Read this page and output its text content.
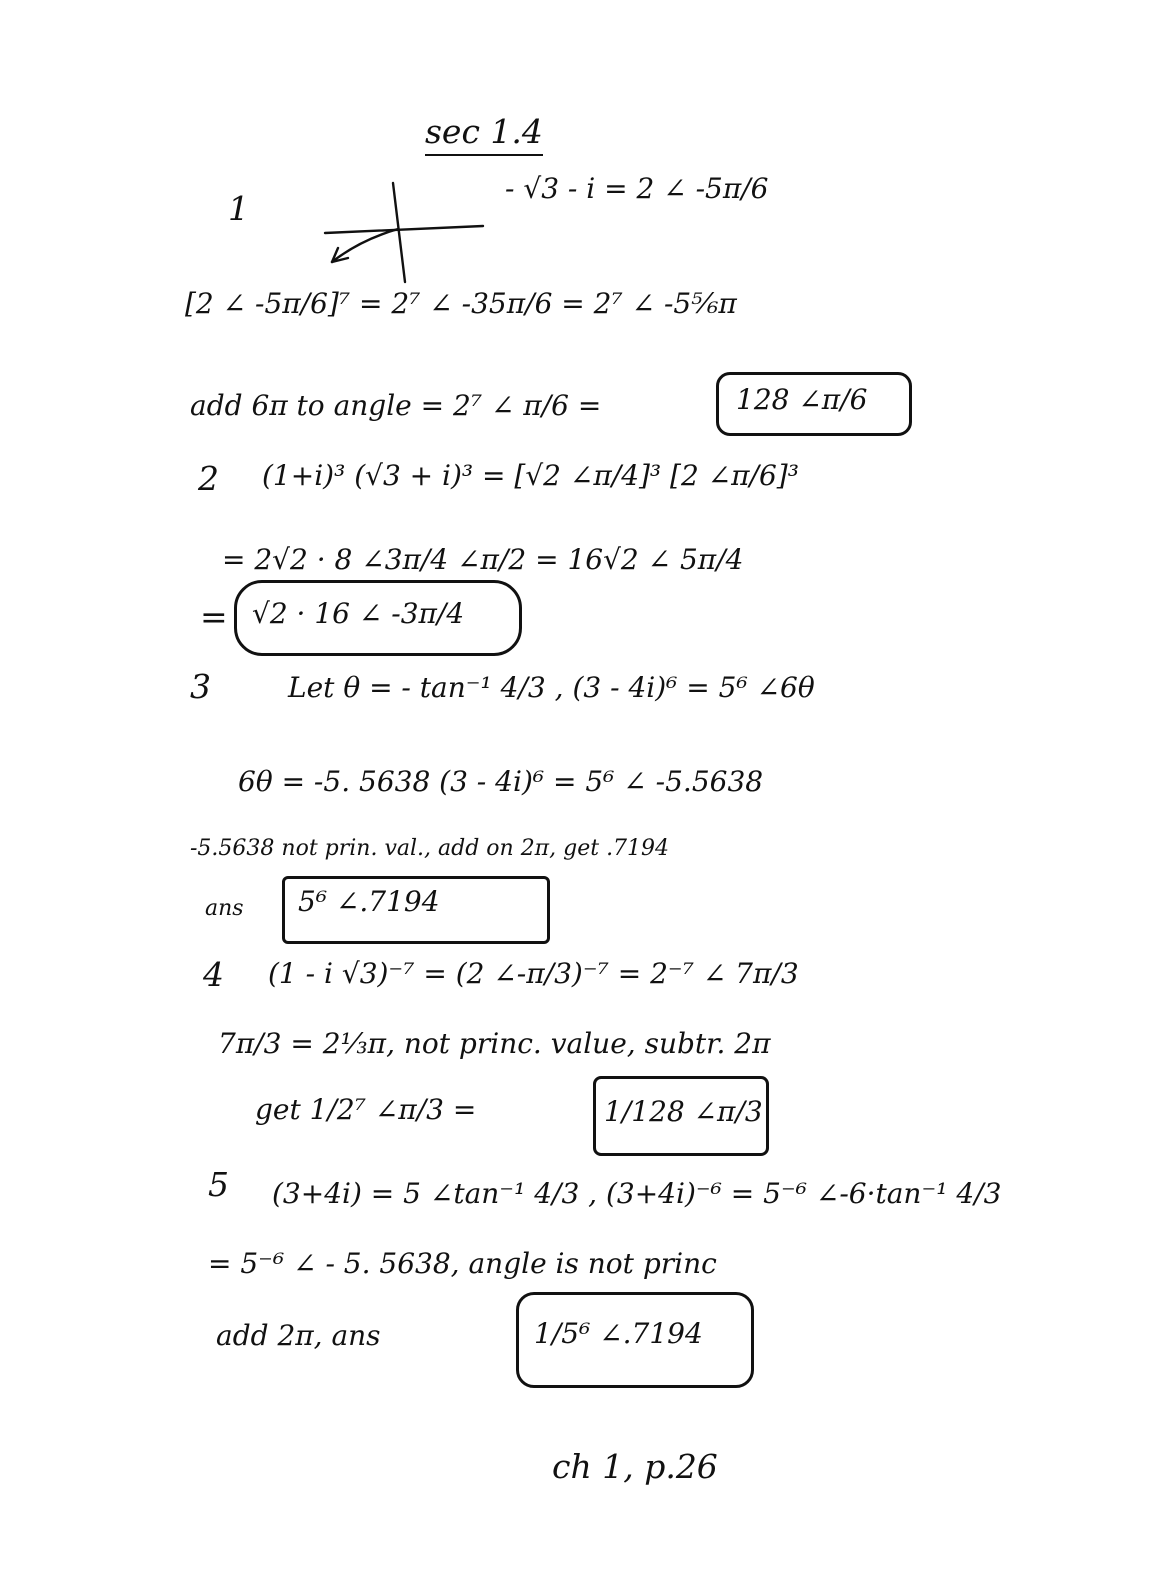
sec 1.4
1
- √3 - i = 2 ∠ -5π/6
[2 ∠ -5π/6]⁷ = 2⁷ ∠ -35π/6 = 2⁷ ∠ -5⅚π
add 6π to angle = 2⁷ ∠ π/6 =	128 ∠π/6
2 (1+i)³ (√3 + i)³ = [√2 ∠π/4]³ [2 ∠π/6]³
= 2√2 · 8 ∠3π/4 ∠π/2 = 16√2 ∠ 5π/4
= √2 · 16 ∠ -3π/4
3	Let θ = - tan⁻¹ 4/3 , (3 - 4i)⁶ = 5⁶ ∠6θ
6θ = -5. 5638 (3 - 4i)⁶ = 5⁶ ∠ -5.5638
-5.5638 not prin. val., add on 2π, get .7194
ans 5⁶ ∠.7194
4 (1 - i √3)⁻⁷ = (2 ∠-π/3)⁻⁷ = 2⁻⁷ ∠ 7π/3
7π/3 = 2⅓π, not princ. value, subtr. 2π
get 1/2⁷ ∠π/3 =	1/128 ∠π/3
5 (3+4i) = 5 ∠tan⁻¹ 4/3 , (3+4i)⁻⁶ = 5⁻⁶ ∠-6·tan⁻¹ 4/3
= 5⁻⁶ ∠ - 5. 5638, angle is not princ
add 2π, ans	1/5⁶ ∠.7194
ch 1, p.26
